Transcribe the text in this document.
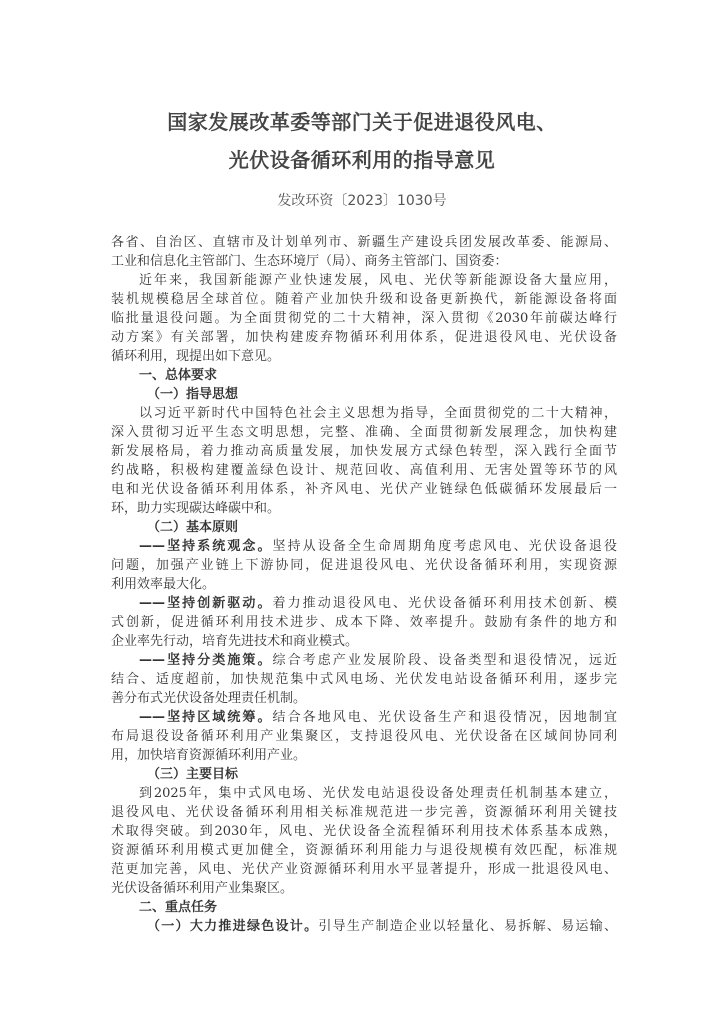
国家发展改革委等部门关于促进退役风电、
光伏设备循环利用的指导意见
发改环资〔2023〕1030号
各省、自治区、直辖市及计划单列市、新疆生产建设兵团发展改革委、能源局、
工业和信息化主管部门、生态环境厅（局）、商务主管部门、国资委：
近年来，我国新能源产业快速发展，风电、光伏等新能源设备大量应用，
装机规模稳居全球首位。随着产业加快升级和设备更新换代，新能源设备将面
临批量退役问题。为全面贯彻党的二十大精神，深入贯彻《2030年前碳达峰行
动方案》有关部署，加快构建废弃物循环利用体系，促进退役风电、光伏设备
循环利用，现提出如下意见。
一、总体要求
（一）指导思想
以习近平新时代中国特色社会主义思想为指导，全面贯彻党的二十大精神，
深入贯彻习近平生态文明思想，完整、准确、全面贯彻新发展理念，加快构建
新发展格局，着力推动高质量发展，加快发展方式绿色转型，深入践行全面节
约战略，积极构建覆盖绿色设计、规范回收、高值利用、无害处置等环节的风
电和光伏设备循环利用体系，补齐风电、光伏产业链绿色低碳循环发展最后一
环，助力实现碳达峰碳中和。
（二）基本原则
——坚持系统观念。坚持从设备全生命周期角度考虑风电、光伏设备退役
问题，加强产业链上下游协同，促进退役风电、光伏设备循环利用，实现资源
利用效率最大化。
——坚持创新驱动。着力推动退役风电、光伏设备循环利用技术创新、模
式创新，促进循环利用技术进步、成本下降、效率提升。鼓励有条件的地方和
企业率先行动，培育先进技术和商业模式。
——坚持分类施策。综合考虑产业发展阶段、设备类型和退役情况，远近
结合、适度超前，加快规范集中式风电场、光伏发电站设备循环利用，逐步完
善分布式光伏设备处理责任机制。
——坚持区域统筹。结合各地风电、光伏设备生产和退役情况，因地制宜
布局退役设备循环利用产业集聚区，支持退役风电、光伏设备在区域间协同利
用，加快培育资源循环利用产业。
（三）主要目标
到2025年，集中式风电场、光伏发电站退役设备处理责任机制基本建立，
退役风电、光伏设备循环利用相关标准规范进一步完善，资源循环利用关键技
术取得突破。到2030年，风电、光伏设备全流程循环利用技术体系基本成熟，
资源循环利用模式更加健全，资源循环利用能力与退役规模有效匹配，标准规
范更加完善，风电、光伏产业资源循环利用水平显著提升，形成一批退役风电、
光伏设备循环利用产业集聚区。
二、重点任务
（一）大力推进绿色设计。引导生产制造企业以轻量化、易拆解、易运输、
